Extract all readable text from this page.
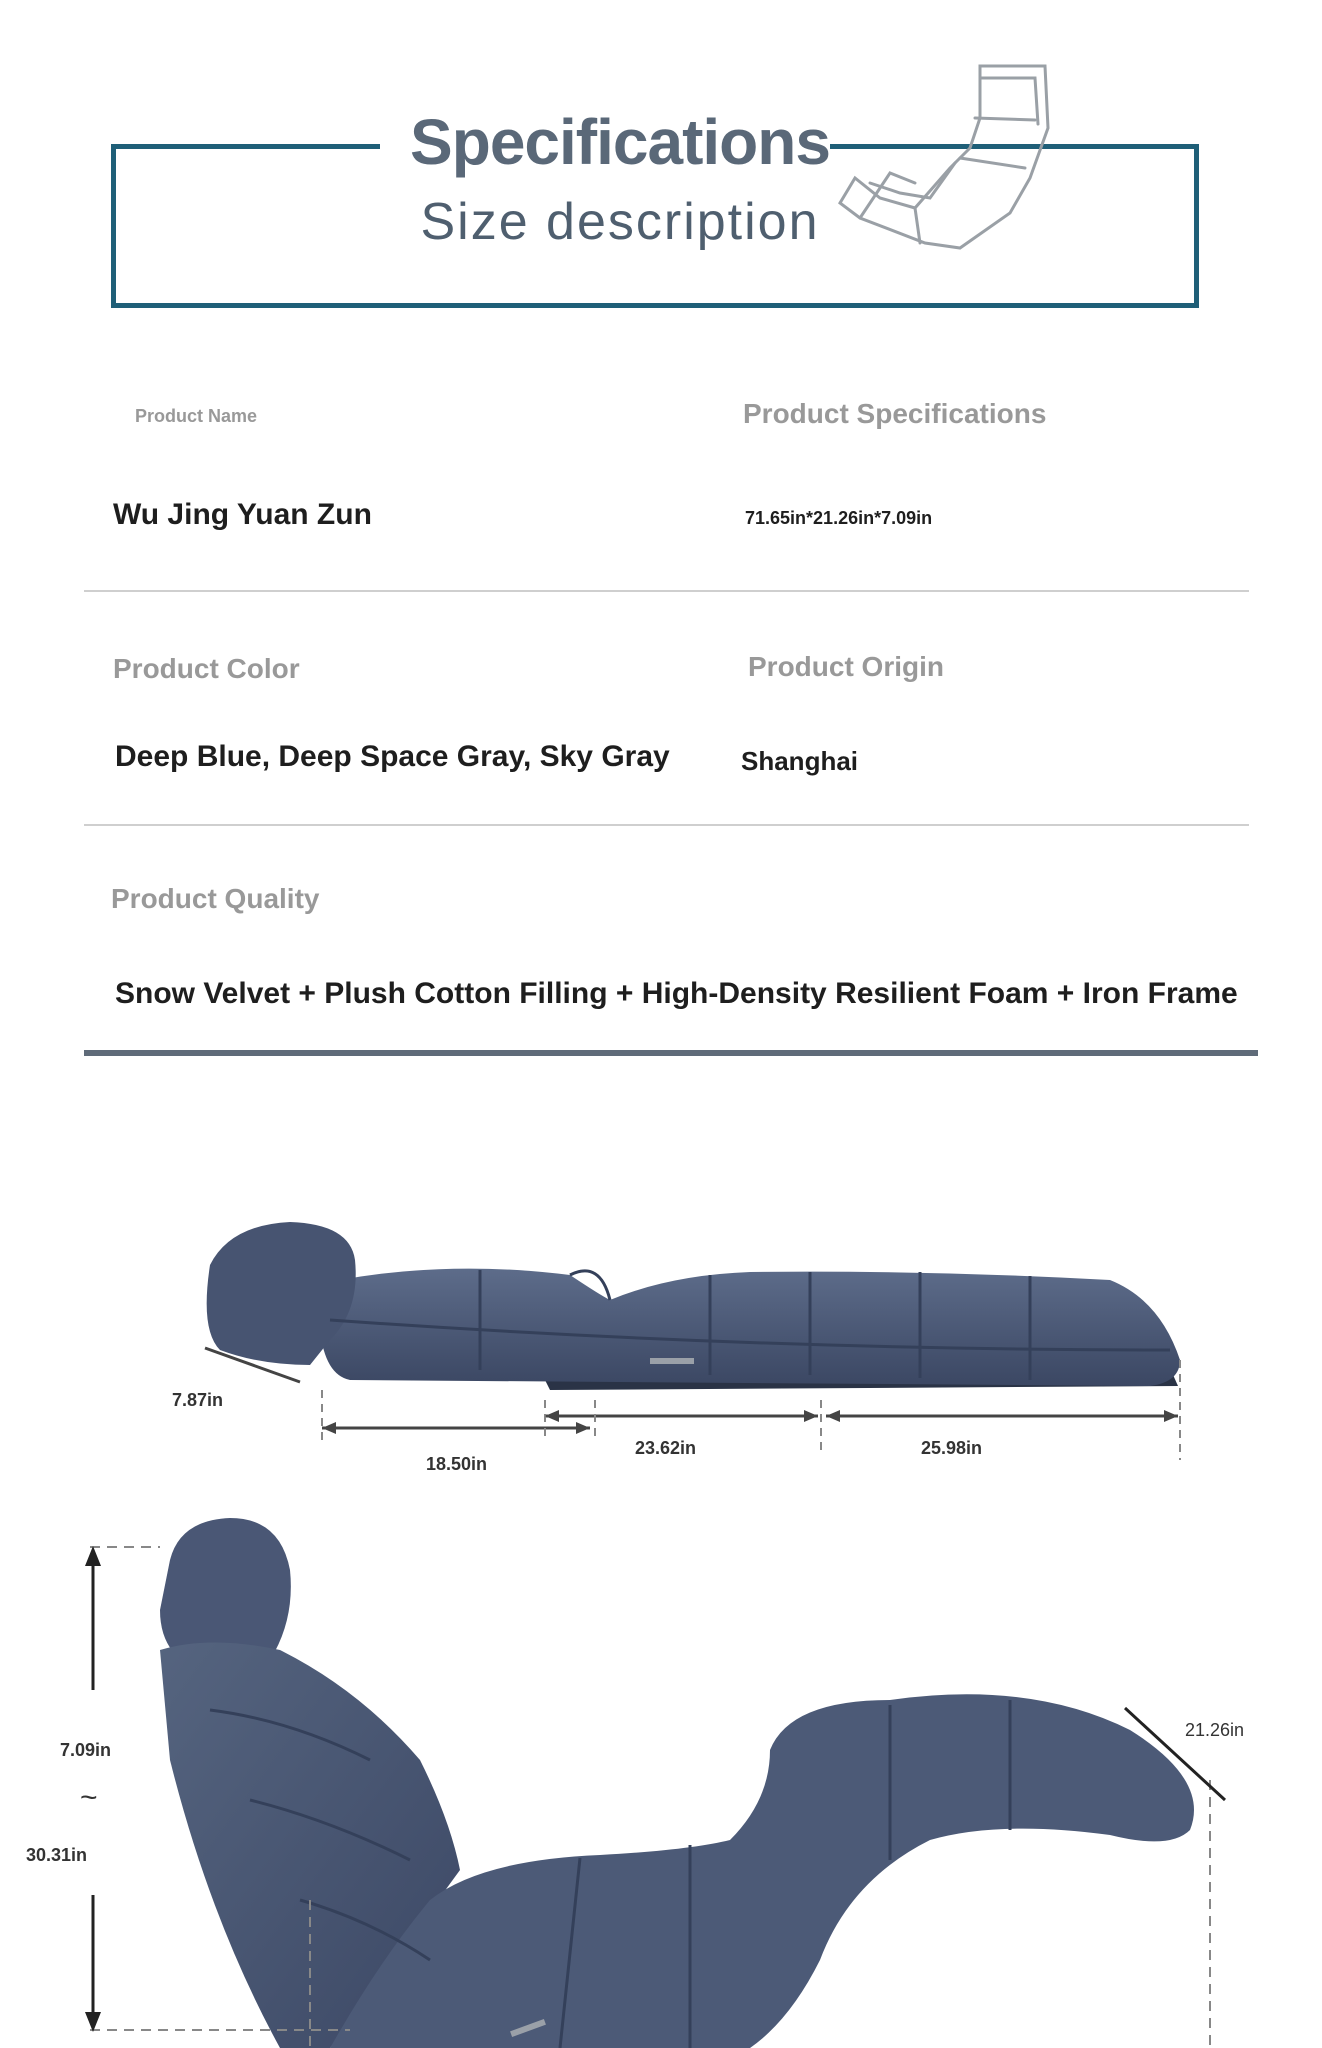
Specifications
Size description
Product Name	Product Specifications
Wu Jing Yuan Zun	71.65in*21.26in*7.09in
Product Color	Product Origin
Deep Blue, Deep Space Gray, Sky Gray	Shanghai
Product Quality
Snow Velvet + Plush Cotton Filling + High-Density Resilient Foam + Iron Frame
7.87in
18.50in
23.62in	25.98in
7.09in
~
30.31in
21.26in
